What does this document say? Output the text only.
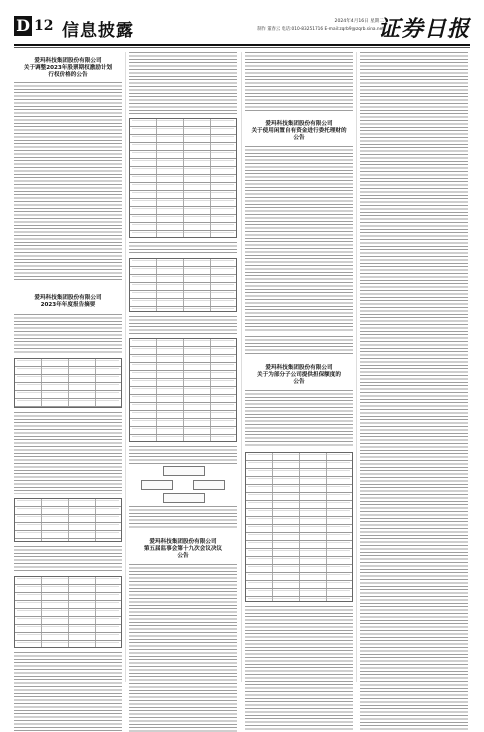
D 12 信息披露	2024年4月16日 星期二
制作 董春云 电话:010-83251716 E-mail:zqrb9@zqrb.sina.net
证券日报
爱玛科技集团股份有限公司
关于调整2023年股票期权激励计划
行权价格的公告
爱玛科技集团股份有限公司
2023年年度报告摘要
爱玛科技集团股份有限公司
第五届监事会第十九次会议决议
公告
爱玛科技集团股份有限公司
关于使用闲置自有资金进行委托理财的
公告
爱玛科技集团股份有限公司
关于为部分子公司提供担保额度的
公告
